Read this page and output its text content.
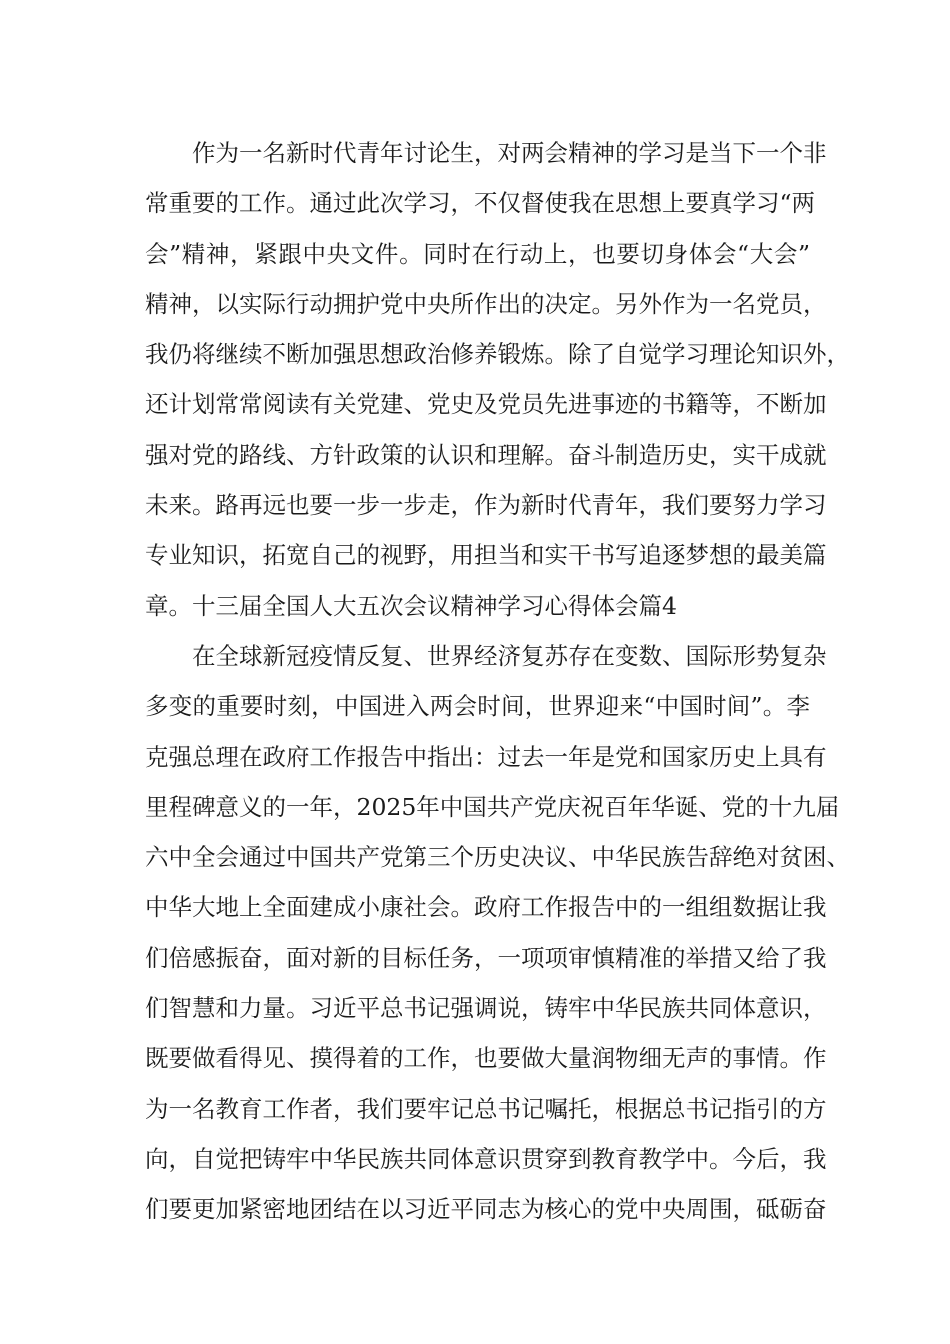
作为一名新时代青年讨论生，对两会精神的学习是当下一个非
常重要的工作。通过此次学习，不仅督使我在思想上要真学习“两
会”精神，紧跟中央文件。同时在行动上，也要切身体会“大会”
精神，以实际行动拥护党中央所作出的决定。另外作为一名党员，
我仍将继续不断加强思想政治修养锻炼。除了自觉学习理论知识外，
还计划常常阅读有关党建、党史及党员先进事迹的书籍等，不断加
强对党的路线、方针政策的认识和理解。奋斗制造历史，实干成就
未来。路再远也要一步一步走，作为新时代青年，我们要努力学习
专业知识，拓宽自己的视野，用担当和实干书写追逐梦想的最美篇
章。十三届全国人大五次会议精神学习心得体会篇4
在全球新冠疫情反复、世界经济复苏存在变数、国际形势复杂
多变的重要时刻，中国进入两会时间，世界迎来“中国时间”。李
克强总理在政府工作报告中指出：过去一年是党和国家历史上具有
里程碑意义的一年，2025年中国共产党庆祝百年华诞、党的十九届
六中全会通过中国共产党第三个历史决议、中华民族告辞绝对贫困、
中华大地上全面建成小康社会。政府工作报告中的一组组数据让我
们倍感振奋，面对新的目标任务，一项项审慎精准的举措又给了我
们智慧和力量。习近平总书记强调说，铸牢中华民族共同体意识，
既要做看得见、摸得着的工作，也要做大量润物细无声的事情。作
为一名教育工作者，我们要牢记总书记嘱托，根据总书记指引的方
向，自觉把铸牢中华民族共同体意识贯穿到教育教学中。今后，我
们要更加紧密地团结在以习近平同志为核心的党中央周围，砥砺奋
